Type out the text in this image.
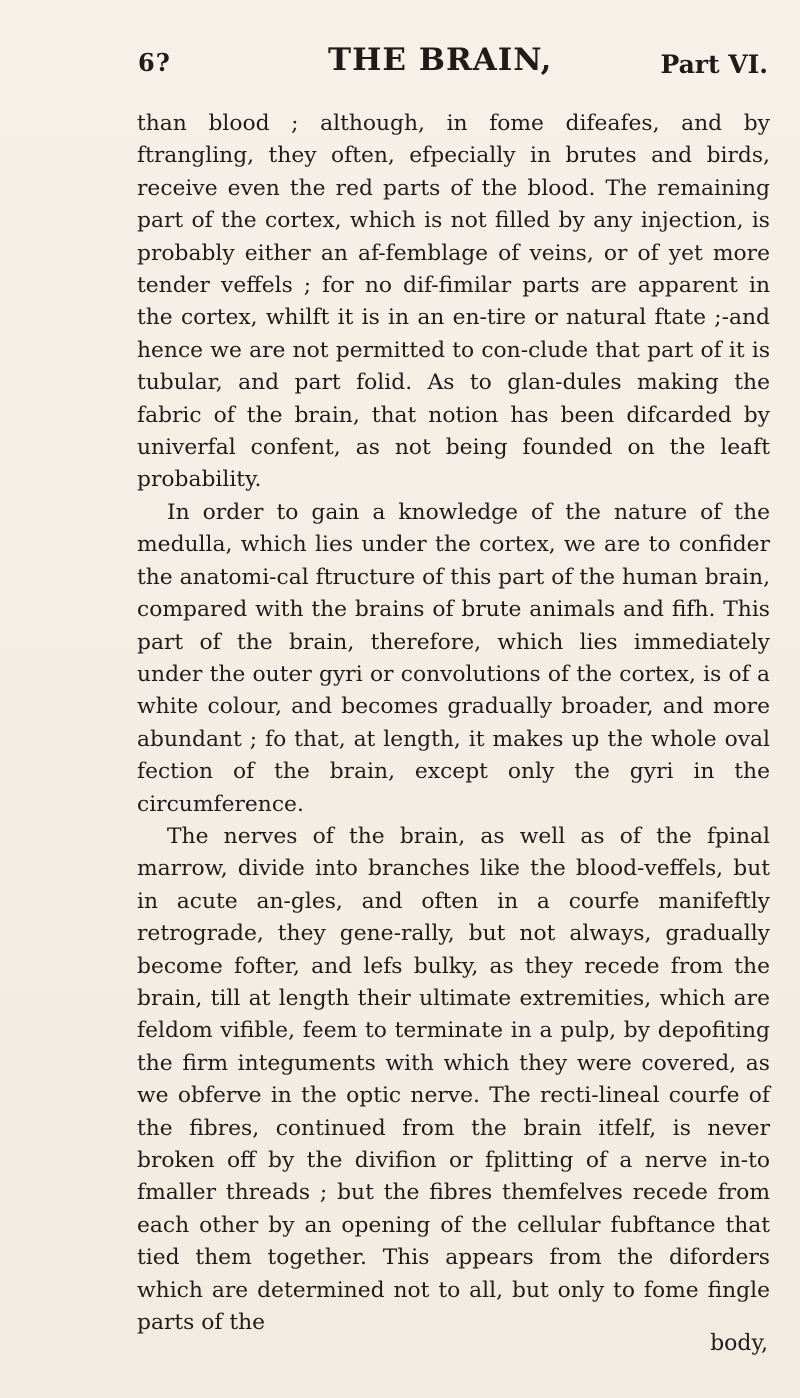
6?	THE BRAIN,	Part VI.

than blood ; although, in fome difeafes, and by ftrangling, they often, efpecially in brutes and birds, receive even the red parts of the blood. The remaining part of the cortex, which is not filled by any injection, is probably either an af-femblage of veins, or of yet more tender veffels ; for no dif-fimilar parts are apparent in the cortex, whilft it is in an en-tire or natural ftate ;-and hence we are not permitted to con-clude that part of it is tubular, and part folid. As to glan-dules making the fabric of the brain, that notion has been difcarded by univerfal confent, as not being founded on the leaft probability.

In order to gain a knowledge of the nature of the medulla, which lies under the cortex, we are to confider the anatomi-cal ftructure of this part of the human brain, compared with the brains of brute animals and fifh. This part of the brain, therefore, which lies immediately under the outer gyri or convolutions of the cortex, is of a white colour, and becomes gradually broader, and more abundant ; fo that, at length, it makes up the whole oval fection of the brain, except only the gyri in the circumference.

The nerves of the brain, as well as of the fpinal marrow, divide into branches like the blood-veffels, but in acute an-gles, and often in a courfe manifeftly retrograde, they gene-rally, but not always, gradually become fofter, and lefs bulky, as they recede from the brain, till at length their ultimate extremities, which are feldom vifible, feem to terminate in a pulp, by depofiting the firm integuments with which they were covered, as we obferve in the optic nerve. The recti-lineal courfe of the fibres, continued from the brain itfelf, is never broken off by the divifion or fplitting of a nerve in-to fmaller threads ; but the fibres themfelves recede from each other by an opening of the cellular fubftance that tied them together. This appears from the diforders which are determined not to all, but only to fome fingle parts of the

body,
